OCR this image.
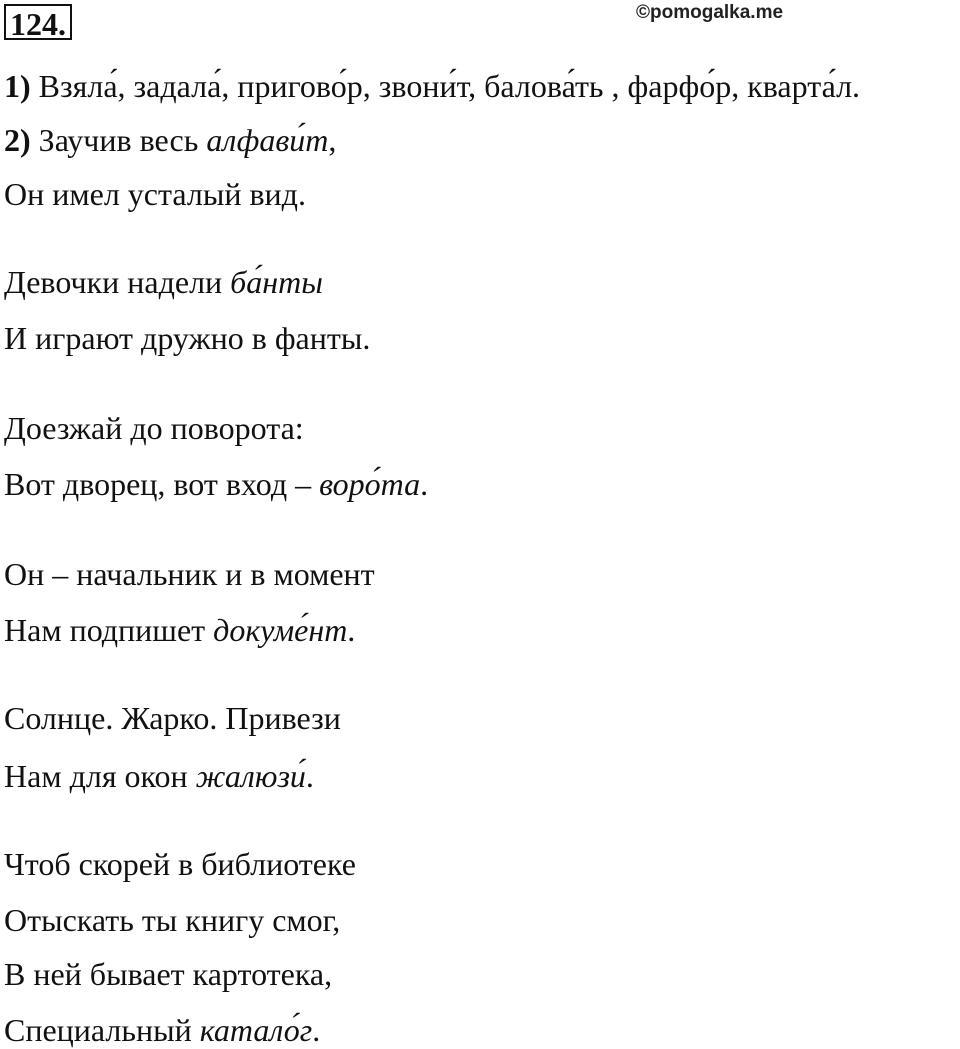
124.	©pomogalka.me
1) Взяла́, задала́, пригово́р, звони́т, балова́ть , фарфо́р, кварта́л.
2) Заучив весь алфави́т,
Он имел усталый вид.
Девочки надели ба́нты
И играют дружно в фанты.
Доезжай до поворота:
Вот дворец, вот вход – воро́та.
Он – начальник и в момент
Нам подпишет докуме́нт.
Солнце. Жарко. Привези
Нам для окон жалюзи́.
Чтоб скорей в библиотеке
Отыскать ты книгу смог,
В ней бывает картотека,
Специальный катало́г.
